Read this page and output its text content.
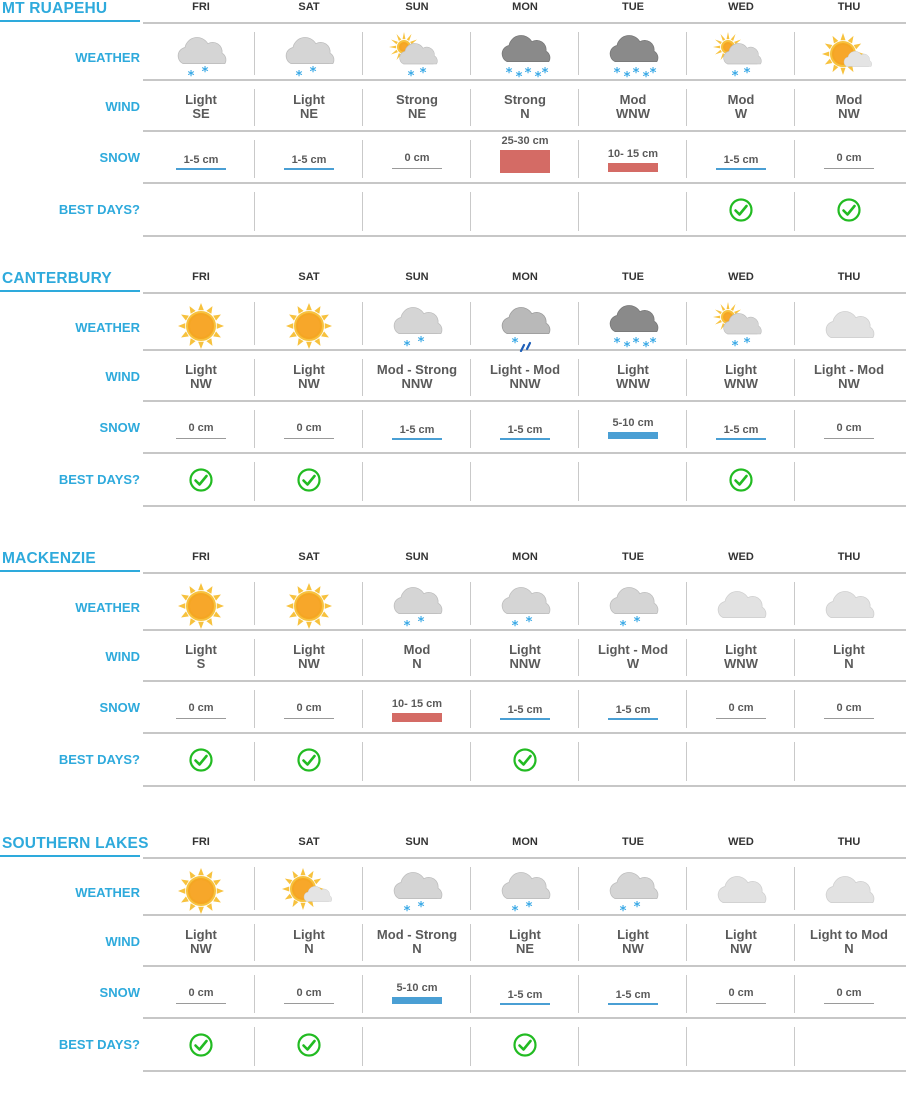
MT RUAPEHU
WEATHER
WIND
SNOW
BEST DAYS?
FRI
* *
Light
SE
1-5 cm
SAT
* *
Light
NE
1-5 cm
SUN
* *
Strong
NE
0 cm
MON
* * * * *
Strong
N
25-30 cm
TUE
* * * * *
Mod
WNW
10- 15 cm
WED
* *
Mod
W
1-5 cm
THU
Mod
NW
0 cm
CANTERBURY
WEATHER
WIND
SNOW
BEST DAYS?
FRI
Light
NW
0 cm
SAT
Light
NW
0 cm
SUN
* *
Mod - Strong
NNW
1-5 cm
MON
*
Light - Mod
NNW
1-5 cm
TUE
* * * * *
Light
WNW
5-10 cm
WED
* *
Light
WNW
1-5 cm
THU
Light - Mod
NW
0 cm
MACKENZIE
WEATHER
WIND
SNOW
BEST DAYS?
FRI
Light
S
0 cm
SAT
Light
NW
0 cm
SUN
* *
Mod
N
10- 15 cm
MON
* *
Light
NNW
1-5 cm
TUE
* *
Light - Mod
W
1-5 cm
WED
Light
WNW
0 cm
THU
Light
N
0 cm
SOUTHERN LAKES
WEATHER
WIND
SNOW
BEST DAYS?
FRI
Light
NW
0 cm
SAT
Light
N
0 cm
SUN
* *
Mod - Strong
N
5-10 cm
MON
* *
Light
NE
1-5 cm
TUE
* *
Light
NW
1-5 cm
WED
Light
NW
0 cm
THU
Light to Mod
N
0 cm
